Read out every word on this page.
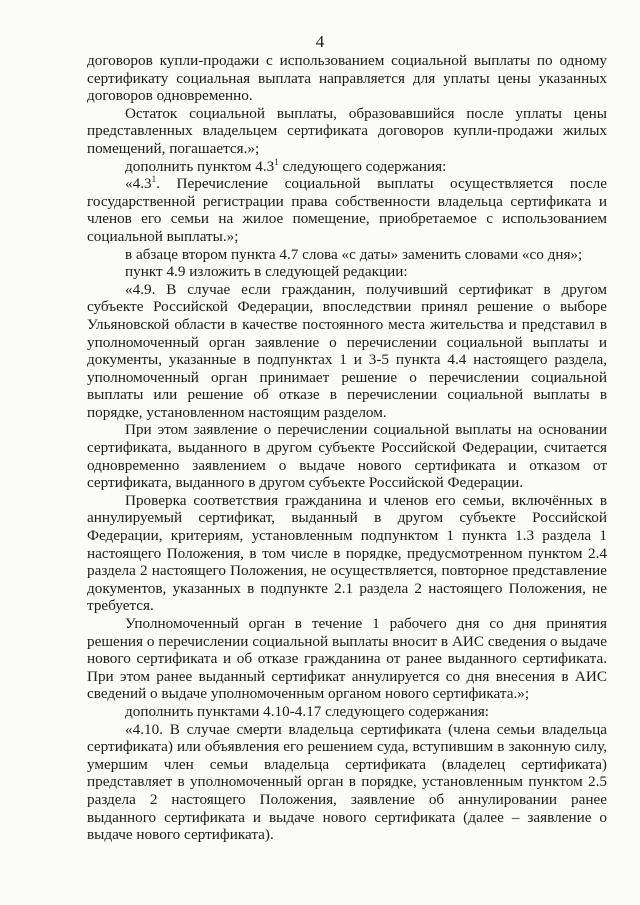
4

договоров купли-продажи с использованием социальной выплаты по одному сертификату социальная выплата направляется для уплаты цены указанных договоров одновременно.

Остаток социальной выплаты, образовавшийся после уплаты цены представленных владельцем сертификата договоров купли-продажи жилых помещений, погашается.»;

дополнить пунктом $4.3^1$ следующего содержания:

«$4.3^1$. Перечисление социальной выплаты осуществляется после государственной регистрации права собственности владельца сертификата и членов его семьи на жилое помещение, приобретаемое с использованием социальной выплаты.»;

в абзаце втором пункта 4.7 слова «с даты» заменить словами «со дня»;

пункт 4.9 изложить в следующей редакции:

«4.9. В случае если гражданин, получивший сертификат в другом субъекте Российской Федерации, впоследствии принял решение о выборе Ульяновской области в качестве постоянного места жительства и представил в уполномоченный орган заявление о перечислении социальной выплаты и документы, указанные в подпунктах 1 и 3-5 пункта 4.4 настоящего раздела, уполномоченный орган принимает решение о перечислении социальной выплаты или решение об отказе в перечислении социальной выплаты в порядке, установленном настоящим разделом.

При этом заявление о перечислении социальной выплаты на основании сертификата, выданного в другом субъекте Российской Федерации, считается одновременно заявлением о выдаче нового сертификата и отказом от сертификата, выданного в другом субъекте Российской Федерации.

Проверка соответствия гражданина и членов его семьи, включённых в аннулируемый сертификат, выданный в другом субъекте Российской Федерации, критериям, установленным подпунктом 1 пункта 1.3 раздела 1 настоящего Положения, в том числе в порядке, предусмотренном пунктом 2.4 раздела 2 настоящего Положения, не осуществляется, повторное представление документов, указанных в подпункте 2.1 раздела 2 настоящего Положения, не требуется.

Уполномоченный орган в течение 1 рабочего дня со дня принятия решения о перечислении социальной выплаты вносит в АИС сведения о выдаче нового сертификата и об отказе гражданина от ранее выданного сертификата. При этом ранее выданный сертификат аннулируется со дня внесения в АИС сведений о выдаче уполномоченным органом нового сертификата.»;

дополнить пунктами 4.10-4.17 следующего содержания:

«4.10. В случае смерти владельца сертификата (члена семьи владельца сертификата) или объявления его решением суда, вступившим в законную силу, умершим член семьи владельца сертификата (владелец сертификата) представляет в уполномоченный орган в порядке, установленным пунктом 2.5 раздела 2 настоящего Положения, заявление об аннулировании ранее выданного сертификата и выдаче нового сертификата (далее – заявление о выдаче нового сертификата).
